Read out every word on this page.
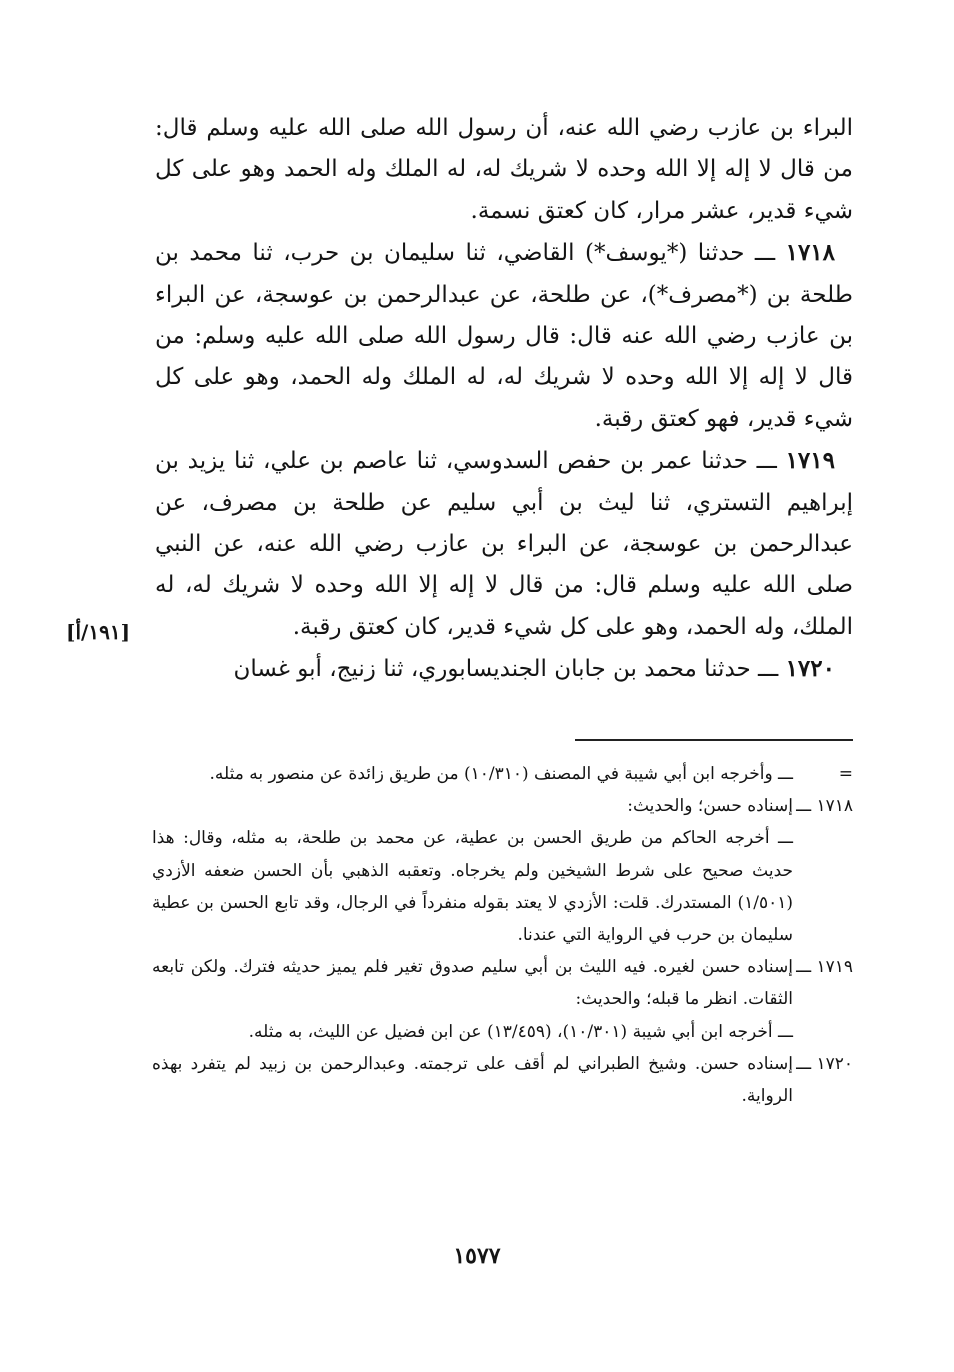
البراء بن عازب رضي الله عنه، أن رسول الله صلى الله عليه وسلم قال: من قال لا إله إلا الله وحده لا شريك له، له الملك وله الحمد وهو على كل شيء قدير، عشر مرار، كان كعتق نسمة.

١٧١٨ ـــ حدثنا (*يوسف*) القاضي، ثنا سليمان بن حرب، ثنا محمد بن طلحة بن (*مصرف*)، عن طلحة، عن عبدالرحمن بن عوسجة، عن البراء بن عازب رضي الله عنه قال: قال رسول الله صلى الله عليه وسلم: من قال لا إله إلا الله وحده لا شريك له، له الملك وله الحمد، وهو على كل شيء قدير، فهو كعتق رقبة.

١٧١٩ ـــ حدثنا عمر بن حفص السدوسي، ثنا عاصم بن علي، ثنا يزيد بن إبراهيم التستري، ثنا ليث بن أبي سليم عن طلحة بن مصرف، عن عبدالرحمن بن عوسجة، عن البراء بن عازب رضي الله عنه، عن النبي صلى الله عليه وسلم قال: من قال لا إله إلا الله وحده لا شريك له، له الملك، وله الحمد، وهو على كل شيء قدير، كان كعتق رقبة.

١٧٢٠ ـــ حدثنا محمد بن جابان الجنديسابوري، ثنا زنيج، أبو غسان

[١٩١/أ]
=
ـــ وأخرجه ابن أبي شيبة في المصنف (١٠/٣١٠) من طريق زائدة عن منصور به مثله.
١٧١٨ ـــ
إسناده حسن؛ والحديث:
ـــ أخرجه الحاكم من طريق الحسن بن عطية، عن محمد بن طلحة، به مثله، وقال: هذا حديث صحيح على شرط الشيخين ولم يخرجاه. وتعقبه الذهبي بأن الحسن ضعفه الأزدي (١/٥٠١) المستدرك. قلت: الأزدي لا يعتد بقوله منفرداً في الرجال، وقد تابع الحسن بن عطية سليمان بن حرب في الرواية التي عندنا.
١٧١٩ ـــ
إسناده حسن لغيره. فيه الليث بن أبي سليم صدوق تغير فلم يميز حديثه فترك. ولكن تابعه الثقات. انظر ما قبله؛ والحديث:
ـــ أخرجه ابن أبي شيبة (١٠/٣٠١)، (١٣/٤٥٩) عن ابن فضيل عن الليث، به مثله.
١٧٢٠ ـــ
إسناده حسن. وشيخ الطبراني لم أقف على ترجمته. وعبدالرحمن بن زبيد لم يتفرد بهذه الرواية.
١٥٧٧
